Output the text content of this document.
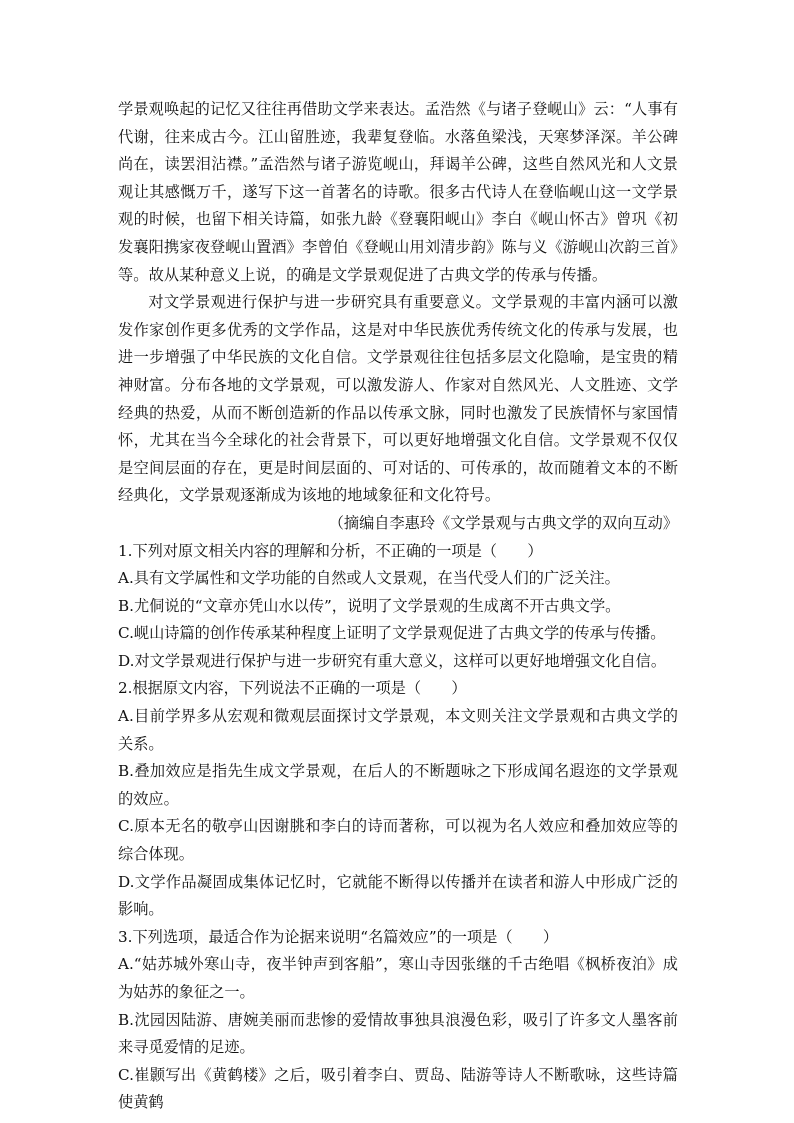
学景观唤起的记忆又往往再借助文学来表达。孟浩然《与诸子登岘山》云：“人事有代谢，往来成古今。江山留胜迹，我辈复登临。水落鱼梁浅，天寒梦泽深。羊公碑尚在，读罢泪沾襟。”孟浩然与诸子游览岘山，拜谒羊公碑，这些自然风光和人文景观让其感慨万千，遂写下这一首著名的诗歌。很多古代诗人在登临岘山这一文学景观的时候，也留下相关诗篇，如张九龄《登襄阳岘山》李白《岘山怀古》曾巩《初发襄阳携家夜登岘山置酒》李曾伯《登岘山用刘清步韵》陈与义《游岘山次韵三首》等。故从某种意义上说，的确是文学景观促进了古典文学的传承与传播。

对文学景观进行保护与进一步研究具有重要意义。文学景观的丰富内涵可以激发作家创作更多优秀的文学作品，这是对中华民族优秀传统文化的传承与发展，也进一步增强了中华民族的文化自信。文学景观往往包括多层文化隐喻，是宝贵的精神财富。分布各地的文学景观，可以激发游人、作家对自然风光、人文胜迹、文学经典的热爱，从而不断创造新的作品以传承文脉，同时也激发了民族情怀与家国情怀，尤其在当今全球化的社会背景下，可以更好地增强文化自信。文学景观不仅仅是空间层面的存在，更是时间层面的、可对话的、可传承的，故而随着文本的不断经典化，文学景观逐渐成为该地的地域象征和文化符号。

（摘编自李惠玲《文学景观与古典文学的双向互动》

1.下列对原文相关内容的理解和分析，不正确的一项是（　　）

A.具有文学属性和文学功能的自然或人文景观，在当代受人们的广泛关注。

B.尤侗说的“文章亦凭山水以传”，说明了文学景观的生成离不开古典文学。

C.岘山诗篇的创作传承某种程度上证明了文学景观促进了古典文学的传承与传播。

D.对文学景观进行保护与进一步研究有重大意义，这样可以更好地增强文化自信。

2.根据原文内容，下列说法不正确的一项是（　　）

A.目前学界多从宏观和微观层面探讨文学景观，本文则关注文学景观和古典文学的关系。

B.叠加效应是指先生成文学景观，在后人的不断题咏之下形成闻名遐迩的文学景观的效应。

C.原本无名的敬亭山因谢朓和李白的诗而著称，可以视为名人效应和叠加效应等的综合体现。

D.文学作品凝固成集体记忆时，它就能不断得以传播并在读者和游人中形成广泛的影响。

3.下列选项，最适合作为论据来说明“名篇效应”的一项是（　　）

A.“姑苏城外寒山寺，夜半钟声到客船”，寒山寺因张继的千古绝唱《枫桥夜泊》成为姑苏的象征之一。

B.沈园因陆游、唐婉美丽而悲惨的爱情故事独具浪漫色彩，吸引了许多文人墨客前来寻觅爱情的足迹。

C.崔颢写出《黄鹤楼》之后，吸引着李白、贾岛、陆游等诗人不断歌咏，这些诗篇使黄鹤
